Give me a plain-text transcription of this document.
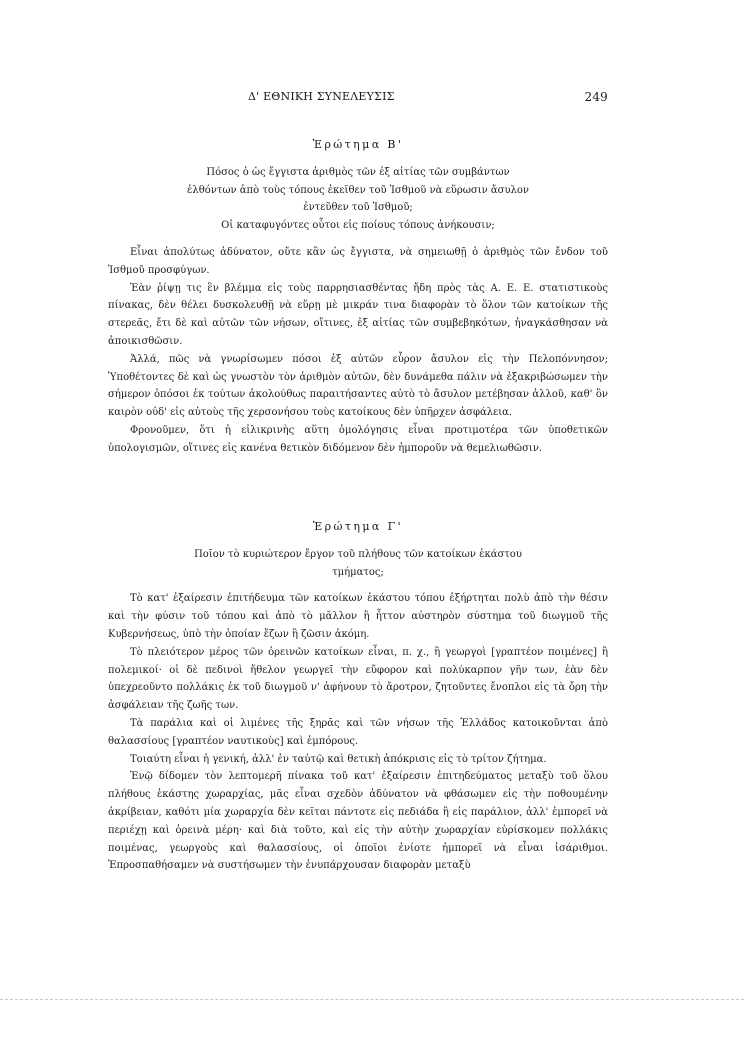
Δ' ΕΘΝΙΚΗ ΣΥΝΕΛΕΥΣΙΣ	249
Ἐρώτημα Β'
Πόσος ὁ ὡς ἔγγιστα ἀριθμὸς τῶν ἐξ αἰτίας τῶν συμβάντων
ἐλθόντων ἀπὸ τοὺς τόπους ἐκεῖθεν τοῦ Ἰσθμοῦ νὰ εὕρωσιν ἄσυλον
ἐντεῦθεν τοῦ Ἰσθμοῦ;
Οἱ καταφυγόντες οὗτοι εἰς ποίους τόπους ἀνήκουσιν;

Εἶναι ἀπολύτως ἀδύνατον, οὔτε κἂν ὡς ἔγγιστα, νὰ σημειωθῇ ὁ ἀριθμὸς τῶν ἔνδον τοῦ Ἰσθμοῦ προσφύγων.

Ἐὰν ῥίψῃ τις ἓν βλέμμα εἰς τοὺς παρρησιασθέντας ἤδη πρὸς τὰς Α. Ε. Ε. στατιστικοὺς πίνακας, δὲν θέλει δυσκολευθῇ νὰ εὕρῃ μὲ μικράν τινα διαφορὰν τὸ ὅλον τῶν κατοίκων τῆς στερεᾶς, ἔτι δὲ καὶ αὐτῶν τῶν νήσων, οἵτινες, ἐξ αἰτίας τῶν συμβεβηκότων, ἠναγκάσθησαν νὰ ἀποικισθῶσιν.

Ἀλλά, πῶς νὰ γνωρίσωμεν πόσοι ἐξ αὐτῶν εὗρον ἄσυλον εἰς τὴν Πελοπόννησον; Ὑποθέτοντες δὲ καὶ ὡς γνωστὸν τὸν ἀριθμὸν αὐτῶν, δὲν δυνάμεθα πάλιν νὰ ἐξακριβώσωμεν τὴν σήμερον ὁπόσοι ἐκ τούτων ἀκολούθως παραιτήσαντες αὐτὸ τὸ ἄσυλον μετέβησαν ἀλλοῦ, καθ' ὃν καιρὸν οὐδ' εἰς αὐτοὺς τῆς χερσονήσου τοὺς κατοίκους δὲν ὑπῆρχεν ἀσφάλεια.

Φρονοῦμεν, ὅτι ἡ εἰλικρινὴς αὕτη ὁμολόγησις εἶναι προτιμοτέρα τῶν ὑποθετικῶν ὑπολογισμῶν, οἵτινες εἰς κανένα θετικὸν διδόμενον δὲν ἠμποροῦν νὰ θεμελιωθῶσιν.

Ἐρώτημα Γ'
Ποῖον τὸ κυριώτερον ἔργον τοῦ πλήθους τῶν κατοίκων ἑκάστου
τμήματος;

Τὸ κατ' ἐξαίρεσιν ἐπιτήδευμα τῶν κατοίκων ἑκάστου τόπου ἐξήρτηται πολὺ ἀπὸ τὴν θέσιν καὶ τὴν φύσιν τοῦ τόπου καὶ ἀπὸ τὸ μᾶλλον ἢ ἧττον αὐστηρὸν σύστημα τοῦ διωγμοῦ τῆς Κυβερνήσεως, ὑπὸ τὴν ὁποίαν ἔζων ἢ ζῶσιν ἀκόμη.

Τὸ πλειότερον μέρος τῶν ὀρεινῶν κατοίκων εἶναι, π. χ., ἢ γεωργοὶ [γραπτέον ποιμένες] ἢ πολεμικοί· οἱ δὲ πεδινοὶ ἤθελον γεωργεῖ τὴν εὔφορον καὶ πολύκαρπον γῆν των, ἐὰν δὲν ὑπεχρεοῦντο πολλάκις ἐκ τοῦ διωγμοῦ ν' ἀφήνουν τὸ ἄροτρον, ζητοῦντες ἔνοπλοι εἰς τὰ ὄρη τὴν ἀσφάλειαν τῆς ζωῆς των.

Τὰ παράλια καὶ οἱ λιμένες τῆς ξηρᾶς καὶ τῶν νήσων τῆς Ἑλλάδος κατοικοῦνται ἀπὸ θαλασσίους [γραπτέον ναυτικοὺς] καὶ ἐμπόρους.

Τοιαύτη εἶναι ἡ γενική, ἀλλ' ἐν ταὐτῷ καὶ θετικὴ ἀπόκρισις εἰς τὸ τρίτον ζήτημα.

Ἐνῷ δίδομεν τὸν λεπτομερῆ πίνακα τοῦ κατ' ἐξαίρεσιν ἐπιτηδεύματος μεταξὺ τοῦ ὅλου πλήθους ἑκάστης χωραρχίας, μᾶς εἶναι σχεδὸν ἀδύνατον νὰ φθάσωμεν εἰς τὴν ποθουμένην ἀκρίβειαν, καθότι μία χωραρχία δὲν κεῖται πάντοτε εἰς πεδιάδα ἢ εἰς παράλιον, ἀλλ' ἐμπορεῖ νὰ περιέχῃ καὶ ὀρεινὰ μέρη· καὶ διὰ τοῦτο, καὶ εἰς τὴν αὐτὴν χωραρχίαν εὑρίσκομεν πολλάκις ποιμένας, γεωργοὺς καὶ θαλασσίους, οἱ ὁποῖοι ἐνίοτε ἠμπορεῖ νὰ εἶναι ἰσάριθμοι. Ἐπροσπαθήσαμεν νὰ συστήσωμεν τὴν ἐνυπάρχουσαν διαφορὰν μεταξὺ
